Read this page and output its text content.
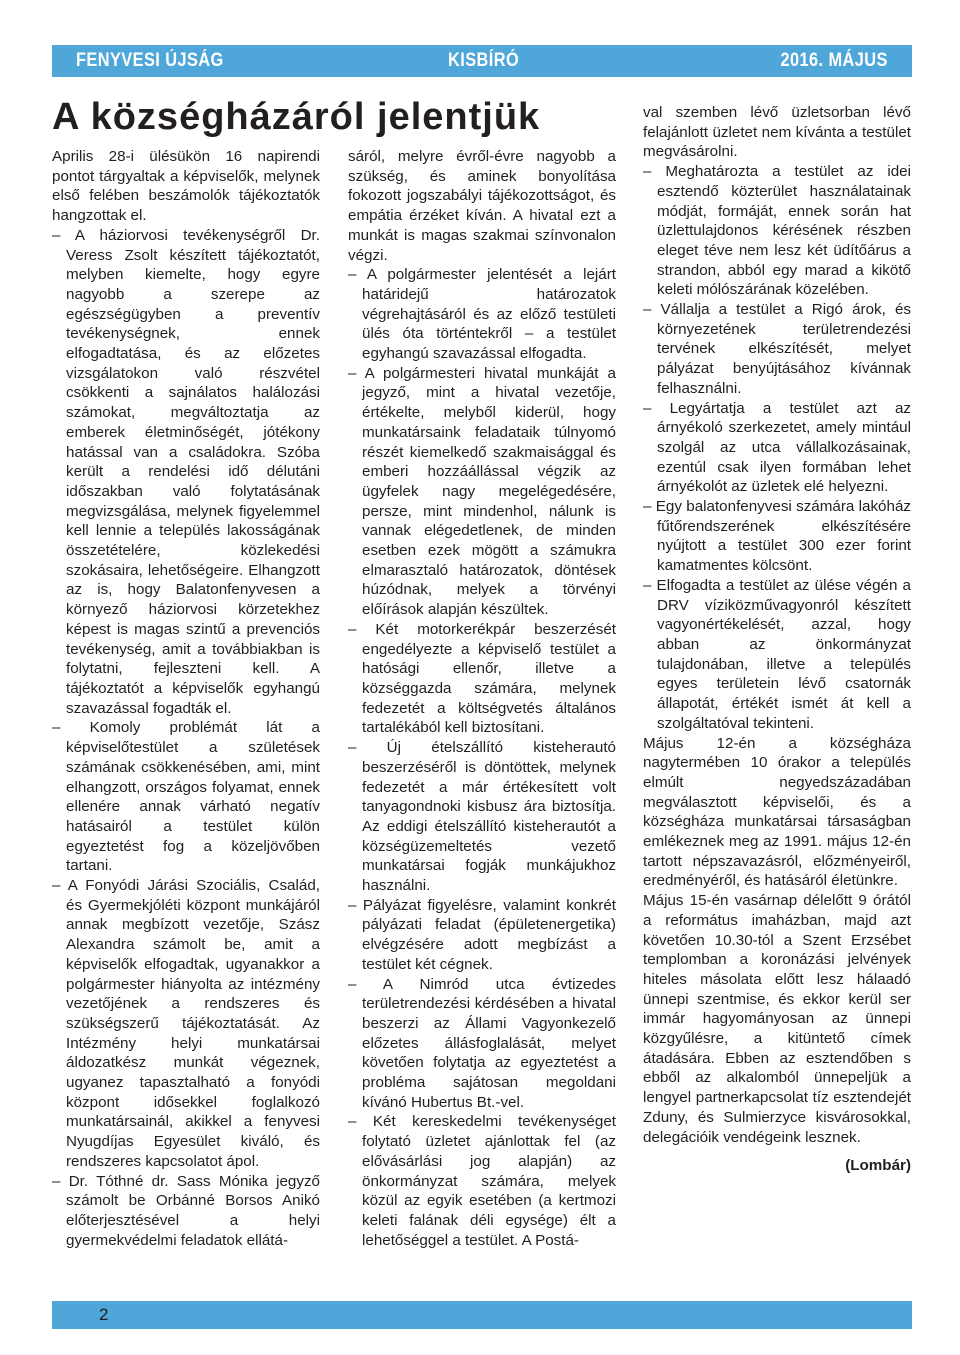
FENYVESI ÚJSÁG	KISBÍRÓ	2016. MÁJUS
A községházáról jelentjük

Aprilis 28-i ülésükön 16 napirendi pontot tárgyaltak a képviselők, melynek első felében beszámolók tájékoztatók hangzottak el.

– A háziorvosi tevékenységről Dr. Veress Zsolt készített tájékoztatót, melyben kiemelte, hogy egyre nagyobb a szerepe az egészségügyben a preventív tevékenységnek, ennek elfogadtatása, és az előzetes vizsgálatokon való részvétel csökkenti a sajnálatos halálozási számokat, megváltoztatja az emberek életminőségét, jótékony hatással van a családokra. Szóba került a rendelési idő délutáni időszakban való folytatásának megvizsgálása, melynek figyelemmel kell lennie a település lakosságának összetételére, közlekedési szokásaira, lehetőségeire. Elhangzott az is, hogy Balatonfenyvesen a környező háziorvosi körzetekhez képest is magas szintű a prevenciós tevékenység, amit a továbbiakban is folytatni, fejleszteni kell. A tájékoztatót a képviselők egyhangú szavazással fogadták el.

– Komoly problémát lát a képviselőtestület a születések számának csökkenésében, ami, mint elhangzott, országos folyamat, ennek ellenére annak várható negatív hatásairól a testület külön egyeztetést fog a közeljövőben tartani.

– A Fonyódi Járási Szociális, Család, és Gyermekjóléti központ munkájáról annak megbízott vezetője, Szász Alexandra számolt be, amit a képviselők elfogadtak, ugyanakkor a polgármester hiányolta az intézmény vezetőjének a rendszeres és szükségszerű tájékoztatását. Az Intézmény helyi munkatársai áldozatkész munkát végeznek, ugyanez tapasztalható a fonyódi központ idősekkel foglalkozó munkatársainál, akikkel a fenyvesi Nyugdíjas Egyesület kiváló, és rendszeres kapcsolatot ápol.

– Dr. Tóthné dr. Sass Mónika jegyző számolt be Orbánné Borsos Anikó előterjesztésével a helyi gyermekvédelmi feladatok ellátá-

sáról, melyre évről-évre nagyobb a szükség, és aminek bonyolítása fokozott jogszabályi tájékozottságot, és empátia érzéket kíván. A hivatal ezt a munkát is magas szakmai színvonalon végzi.

– A polgármester jelentését a lejárt határidejű határozatok végrehajtásáról és az előző testületi ülés óta történtekről – a testület egyhangú szavazással elfogadta.

– A polgármesteri hivatal munkáját a jegyző, mint a hivatal vezetője, értékelte, melyből kiderül, hogy munkatársaink feladataik túlnyomó részét kiemelkedő szakmaisággal és emberi hozzáállással végzik az ügyfelek nagy megelégedésére, persze, mint mindenhol, nálunk is vannak elégedetlenek, de minden esetben ezek mögött a számukra elmarasztaló határozatok, döntések húzódnak, melyek a törvényi előírások alapján készültek.

– Két motorkerékpár beszerzését engedélyezte a képviselő testület a hatósági ellenőr, illetve a községgazda számára, melynek fedezetét a költségvetés általános tartalékából kell biztosítani.

– Új ételszállító kisteherautó beszerzéséről is döntöttek, melynek fedezetét a már értékesített volt tanyagondnoki kisbusz ára biztosítja. Az eddigi ételszállító kisteherautót a községüzemeltetés vezető munkatársai fogják munkájukhoz használni.

– Pályázat figyelésre, valamint konkrét pályázati feladat (épületenergetika) elvégzésére adott megbízást a testület két cégnek.

– A Nimród utca évtizedes területrendezési kérdésében a hivatal beszerzi az Állami Vagyonkezelő előzetes állásfoglalását, melyet követően folytatja az egyeztetést a probléma sajátosan megoldani kívánó Hubertus Bt.-vel.

– Két kereskedelmi tevékenységet folytató üzletet ajánlottak fel (az elővásárlási jog alapján) az önkormányzat számára, melyek közül az egyik esetében (a kertmozi keleti falának déli egysége) élt a lehetőséggel a testület. A Postá-

val szemben lévő üzletsorban lévő felajánlott üzletet nem kívánta a testület megvásárolni.

– Meghatározta a testület az idei esztendő közterület használatainak módját, formáját, ennek során hat üzlettulajdonos kérésének részben eleget téve nem lesz két üdítőárus a strandon, abból egy marad a kikötő keleti mólószárának közelében.

– Vállalja a testület a Rigó árok, és környezetének területrendezési tervének elkészítését, melyet pályázat benyújtásához kívánnak felhasználni.

– Legyártatja a testület azt az árnyékoló szerkezetet, amely mintául szolgál az utca vállalkozásainak, ezentúl csak ilyen formában lehet árnyékolót az üzletek elé helyezni.

– Egy balatonfenyvesi számára lakóház fűtőrendszerének elkészítésére nyújtott a testület 300 ezer forint kamatmentes kölcsönt.

– Elfogadta a testület az ülése végén a DRV víziközművagyonról készített vagyonértékelését, azzal, hogy abban az önkormányzat tulajdonában, illetve a település egyes területein lévő csatornák állapotát, értékét ismét át kell a szolgáltatóval tekinteni.

Május 12-én a községháza nagytermében 10 órakor a település elmúlt negyedszázadában megválasztott képviselői, és a községháza munkatársai társaságban emlékeznek meg az 1991. május 12-én tartott népszavazásról, előzményeiről, eredményéről, és hatásáról életünkre.

Május 15-én vasárnap délelőtt 9 órától a református imaházban, majd azt követően 10.30-tól a Szent Erzsébet templomban a koronázási jelvények hiteles másolata előtt lesz hálaadó ünnepi szentmise, és ekkor kerül ser immár hagyományosan az ünnepi közgyűlésre, a kitüntető címek átadására. Ebben az esztendőben s ebből az alkalomból ünnepeljük a lengyel partnerkapcsolat tíz esztendejét Zduny, és Sulmierzyce kisvárosokkal, delegációik vendégeink lesznek.

(Lombár)

2
